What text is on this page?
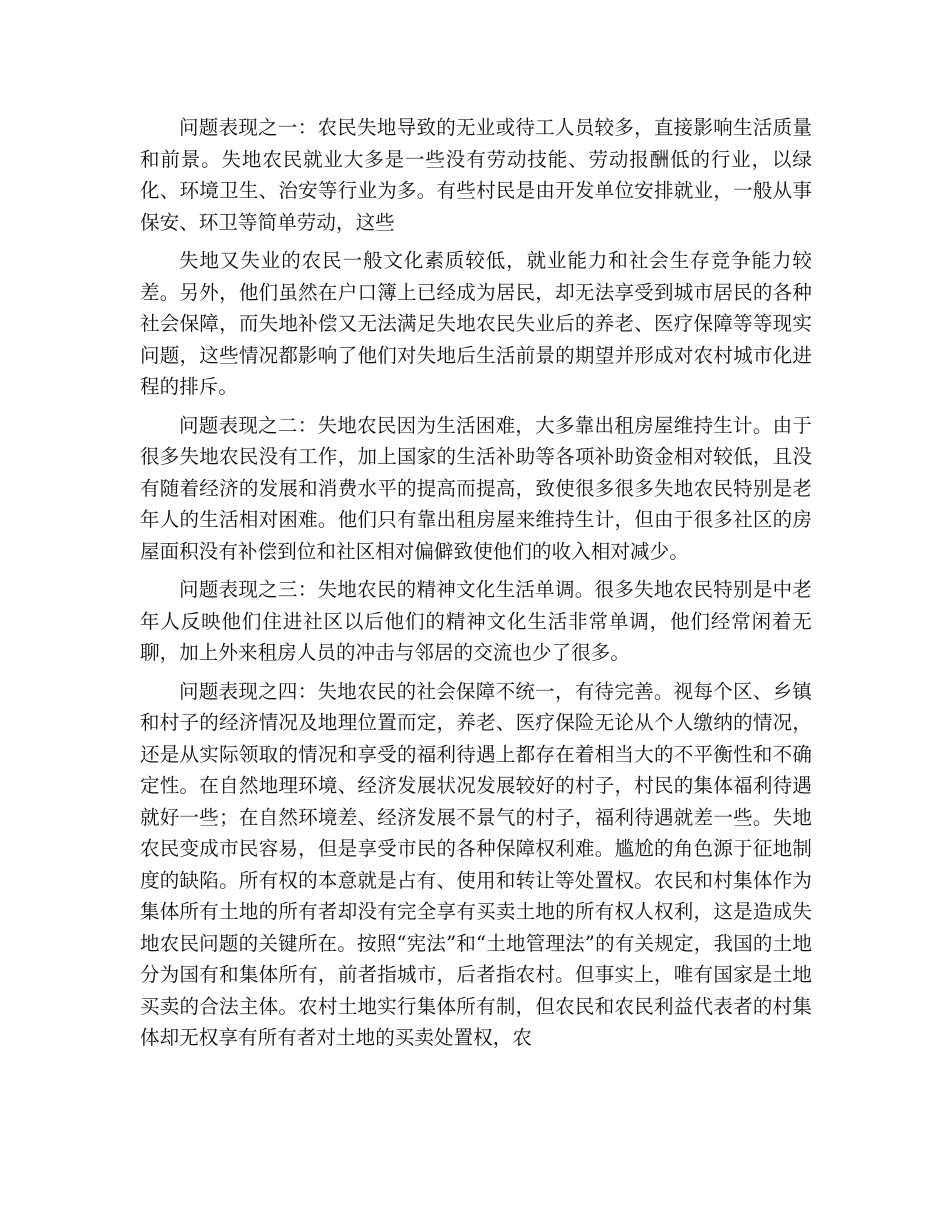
问题表现之一：农民失地导致的无业或待工人员较多，直接影响生活质量和前景。失地农民就业大多是一些没有劳动技能、劳动报酬低的行业，以绿化、环境卫生、治安等行业为多。有些村民是由开发单位安排就业，一般从事保安、环卫等简单劳动，这些

失地又失业的农民一般文化素质较低，就业能力和社会生存竞争能力较差。另外，他们虽然在户口簿上已经成为居民，却无法享受到城市居民的各种社会保障，而失地补偿又无法满足失地农民失业后的养老、医疗保障等等现实问题，这些情况都影响了他们对失地后生活前景的期望并形成对农村城市化进程的排斥。

问题表现之二：失地农民因为生活困难，大多靠出租房屋维持生计。由于很多失地农民没有工作，加上国家的生活补助等各项补助资金相对较低，且没有随着经济的发展和消费水平的提高而提高，致使很多很多失地农民特别是老年人的生活相对困难。他们只有靠出租房屋来维持生计，但由于很多社区的房屋面积没有补偿到位和社区相对偏僻致使他们的收入相对减少。

问题表现之三：失地农民的精神文化生活单调。很多失地农民特别是中老年人反映他们住进社区以后他们的精神文化生活非常单调，他们经常闲着无聊，加上外来租房人员的冲击与邻居的交流也少了很多。

问题表现之四：失地农民的社会保障不统一，有待完善。视每个区、乡镇和村子的经济情况及地理位置而定，养老、医疗保险无论从个人缴纳的情况，还是从实际领取的情况和享受的福利待遇上都存在着相当大的不平衡性和不确定性。在自然地理环境、经济发展状况发展较好的村子，村民的集体福利待遇就好一些；在自然环境差、经济发展不景气的村子，福利待遇就差一些。失地农民变成市民容易，但是享受市民的各种保障权利难。尴尬的角色源于征地制度的缺陷。所有权的本意就是占有、使用和转让等处置权。农民和村集体作为集体所有土地的所有者却没有完全享有买卖土地的所有权人权利，这是造成失地农民问题的关键所在。按照“宪法”和“土地管理法”的有关规定，我国的土地分为国有和集体所有，前者指城市，后者指农村。但事实上，唯有国家是土地买卖的合法主体。农村土地实行集体所有制，但农民和农民利益代表者的村集体却无权享有所有者对土地的买卖处置权，农
